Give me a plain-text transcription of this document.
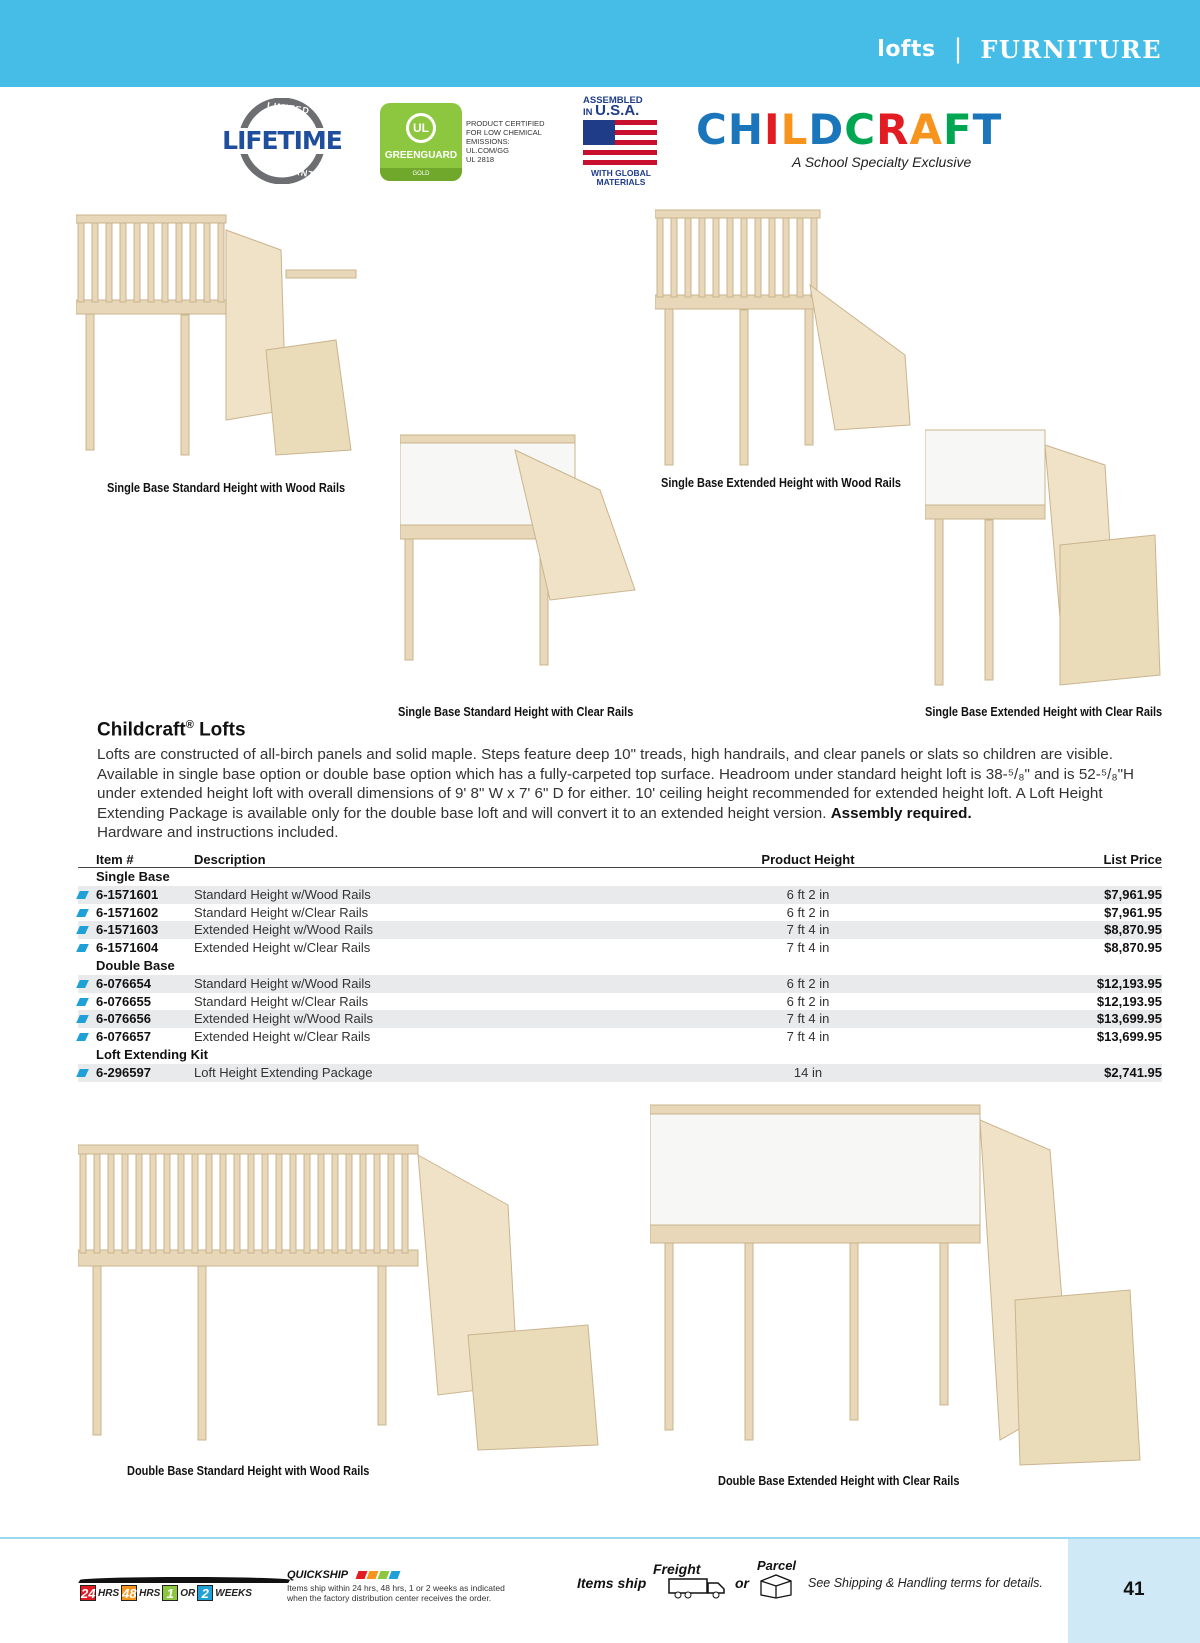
lofts | FURNITURE
LIMITED
LIFETIME
WARRANTY
UL
GREENGUARD
GOLD
PRODUCT CERTIFIED
FOR LOW CHEMICAL
EMISSIONS:
UL.COM/GG
UL 2818
ASSEMBLED
IN U.S.A.
WITH GLOBAL
MATERIALS
CHILDCRAFT
A School Specialty Exclusive
Single Base Standard Height with Wood Rails	Single Base Extended Height with Wood Rails
Single Base Standard Height with Clear Rails	Single Base Extended Height with Clear Rails
Double Base Standard Height with Wood Rails
Double Base Extended Height with Clear Rails
Childcraft® Lofts
Lofts are constructed of all-birch panels and solid maple. Steps feature deep 10" treads, high handrails, and clear panels or slats so children are visible. Available in single base option or double base option which has a fully-carpeted top surface. Headroom under standard height loft is 38-⁵/₈" and is 52-⁵/₈"H under extended height loft with overall dimensions of 9' 8" W x 7' 6" D for either. 10' ceiling height recommended for extended height loft. A Loft Height Extending Package is available only for the double base loft and will convert it to an extended height version. Assembly required.
Hardware and instructions included.
Item #	Description	Product Height	List Price
Single Base
6-1571601	Standard Height w/Wood Rails	6 ft 2 in	$7,961.95
6-1571602	Standard Height w/Clear Rails	6 ft 2 in	$7,961.95
6-1571603	Extended Height w/Wood Rails	7 ft 4 in	$8,870.95
6-1571604	Extended Height w/Clear Rails	7 ft 4 in	$8,870.95
Double Base
6-076654	Standard Height w/Wood Rails	6 ft 2 in	$12,193.95
6-076655	Standard Height w/Clear Rails	6 ft 2 in	$12,193.95
6-076656	Extended Height w/Wood Rails	7 ft 4 in	$13,699.95
6-076657	Extended Height w/Clear Rails	7 ft 4 in	$13,699.95
Loft Extending Kit
6-296597	Loft Height Extending Package	14 in	$2,741.95
24 HRS 48 HRS 1 OR 2 WEEKS
QUICKSHIP
Items ship within 24 hrs, 48 hrs, 1 or 2 weeks as indicated
when the factory distribution center receives the order.
Items ship
Freight
or
Parcel
See Shipping & Handling terms for details.	41
